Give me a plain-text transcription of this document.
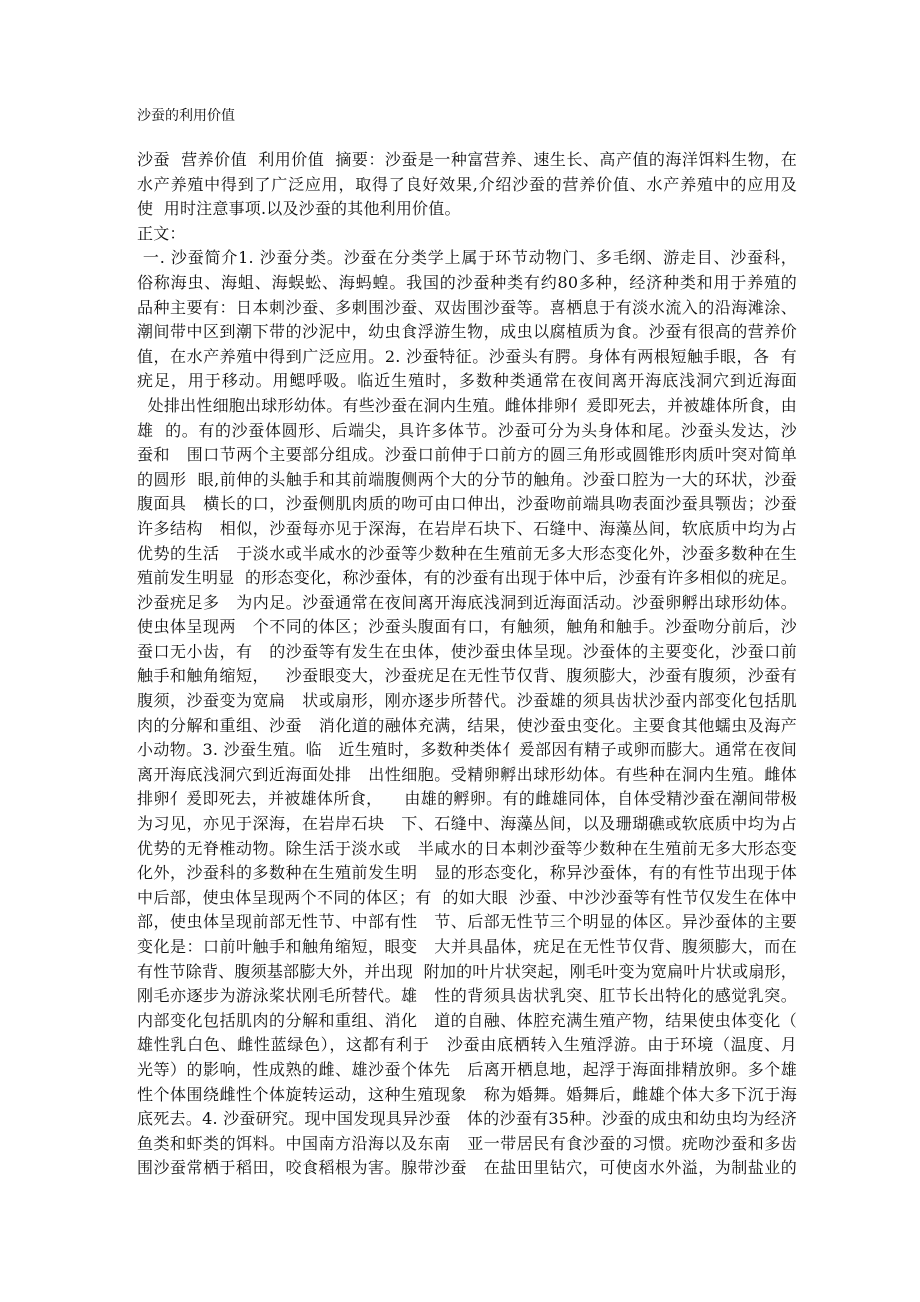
沙蚕的利用价值
沙蚕  营养价值  利用价值  摘要：沙蚕是一种富营养、速生长、高产值的海洋饵料生物，在
水产养殖中得到了广泛应用，取得了良好效果,介绍沙蚕的营养价值、水产养殖中的应用及
使  用时注意事项.以及沙蚕的其他利用价值。
正文：
一. 沙蚕简介1. 沙蚕分类。沙蚕在分类学上属于环节动物门、多毛纲、游走目、沙蚕科，
俗称海虫、海蛆、海蜈蚣、海蚂蝗。我国的沙蚕种类有约80多种，经济种类和用于养殖的
品种主要有：日本刺沙蚕、多刺围沙蚕、双齿围沙蚕等。喜栖息于有淡水流入的沿海滩涂、
潮间带中区到潮下带的沙泥中，幼虫食浮游生物，成虫以腐植质为食。沙蚕有很高的营养价
值，在水产养殖中得到广泛应用。2. 沙蚕特征。沙蚕头有腭。身体有两根短触手眼，各  有
疣足，用于移动。用鳃呼吸。临近生殖时，多数种类通常在夜间离开海底浅洞穴到近海面
处排出性细胞出球形幼体。有些沙蚕在洞内生殖。雌体排卵亻爰即死去，并被雄体所食，由
雄  的。有的沙蚕体圆形、后端尖，具许多体节。沙蚕可分为头身体和尾。沙蚕头发达，沙
蚕和   围口节两个主要部分组成。沙蚕口前伸于口前方的圆三角形或圆锥形肉质叶突对简单
的圆形  眼,前伸的头触手和其前端腹侧两个大的分节的触角。沙蚕口腔为一大的环状，沙蚕
腹面具   横长的口，沙蚕侧肌肉质的吻可由口伸出，沙蚕吻前端具吻表面沙蚕具颚齿；沙蚕
许多结构   相似，沙蚕每亦见于深海，在岩岸石块下、石缝中、海藻丛间，软底质中均为占
优势的生活   于淡水或半咸水的沙蚕等少数种在生殖前无多大形态变化外，沙蚕多数种在生
殖前发生明显  的形态变化，称沙蚕体，有的沙蚕有出现于体中后，沙蚕有许多相似的疣足。
沙蚕疣足多   为内足。沙蚕通常在夜间离开海底浅洞到近海面活动。沙蚕卵孵出球形幼体。
使虫体呈现两   个不同的体区；沙蚕头腹面有口，有触须，触角和触手。沙蚕吻分前后，沙
蚕口无小齿，有   的沙蚕等有发生在虫体，使沙蚕虫体呈现。沙蚕体的主要变化，沙蚕口前
触手和触角缩短，   沙蚕眼变大，沙蚕疣足在无性节仅背、腹须膨大，沙蚕有腹须，沙蚕有
腹须，沙蚕变为宽扁   状或扇形，刚亦逐步所替代。沙蚕雄的须具齿状沙蚕内部变化包括肌
肉的分解和重组、沙蚕   消化道的融体充满，结果，使沙蚕虫变化。主要食其他蠕虫及海产
小动物。3. 沙蚕生殖。临   近生殖时，多数种类体亻爰部因有精子或卵而膨大。通常在夜间
离开海底浅洞穴到近海面处排   出性细胞。受精卵孵出球形幼体。有些种在洞内生殖。雌体
排卵亻爰即死去，并被雄体所食，    由雄的孵卵。有的雌雄同体，自体受精沙蚕在潮间带极
为习见，亦见于深海，在岩岸石块   下、石缝中、海藻丛间，以及珊瑚礁或软底质中均为占
优势的无脊椎动物。除生活于淡水或   半咸水的日本刺沙蚕等少数种在生殖前无多大形态变
化外，沙蚕科的多数种在生殖前发生明   显的形态变化，称异沙蚕体，有的有性节出现于体
中后部，使虫体呈现两个不同的体区；有  的如大眼  沙蚕、中沙沙蚕等有性节仅发生在体中
部，使虫体呈现前部无性节、中部有性   节、后部无性节三个明显的体区。异沙蚕体的主要
变化是：口前叶触手和触角缩短，眼变   大并具晶体，疣足在无性节仅背、腹须膨大，而在
有性节除背、腹须基部膨大外，并出现  附加的叶片状突起，刚毛叶变为宽扁叶片状或扇形，
刚毛亦逐步为游泳桨状刚毛所替代。雄   性的背须具齿状乳突、肛节长出特化的感觉乳突。
内部变化包括肌肉的分解和重组、消化   道的自融、体腔充满生殖产物，结果使虫体变化（
雄性乳白色、雌性蓝绿色），这都有利于   沙蚕由底栖转入生殖浮游。由于环境（温度、月
光等）的影响，性成熟的雌、雄沙蚕个体先   后离开栖息地，起浮于海面排精放卵。多个雄
性个体围绕雌性个体旋转运动，这种生殖现象   称为婚舞。婚舞后，雌雄个体大多下沉于海
底死去。4. 沙蚕研究。现中国发现具异沙蚕   体的沙蚕有35种。沙蚕的成虫和幼虫均为经济
鱼类和虾类的饵料。中国南方沿海以及东南   亚一带居民有食沙蚕的习惯。疣吻沙蚕和多齿
围沙蚕常栖于稻田，咬食稻根为害。腺带沙蚕   在盐田里钻穴，可使卤水外溢，为制盐业的
